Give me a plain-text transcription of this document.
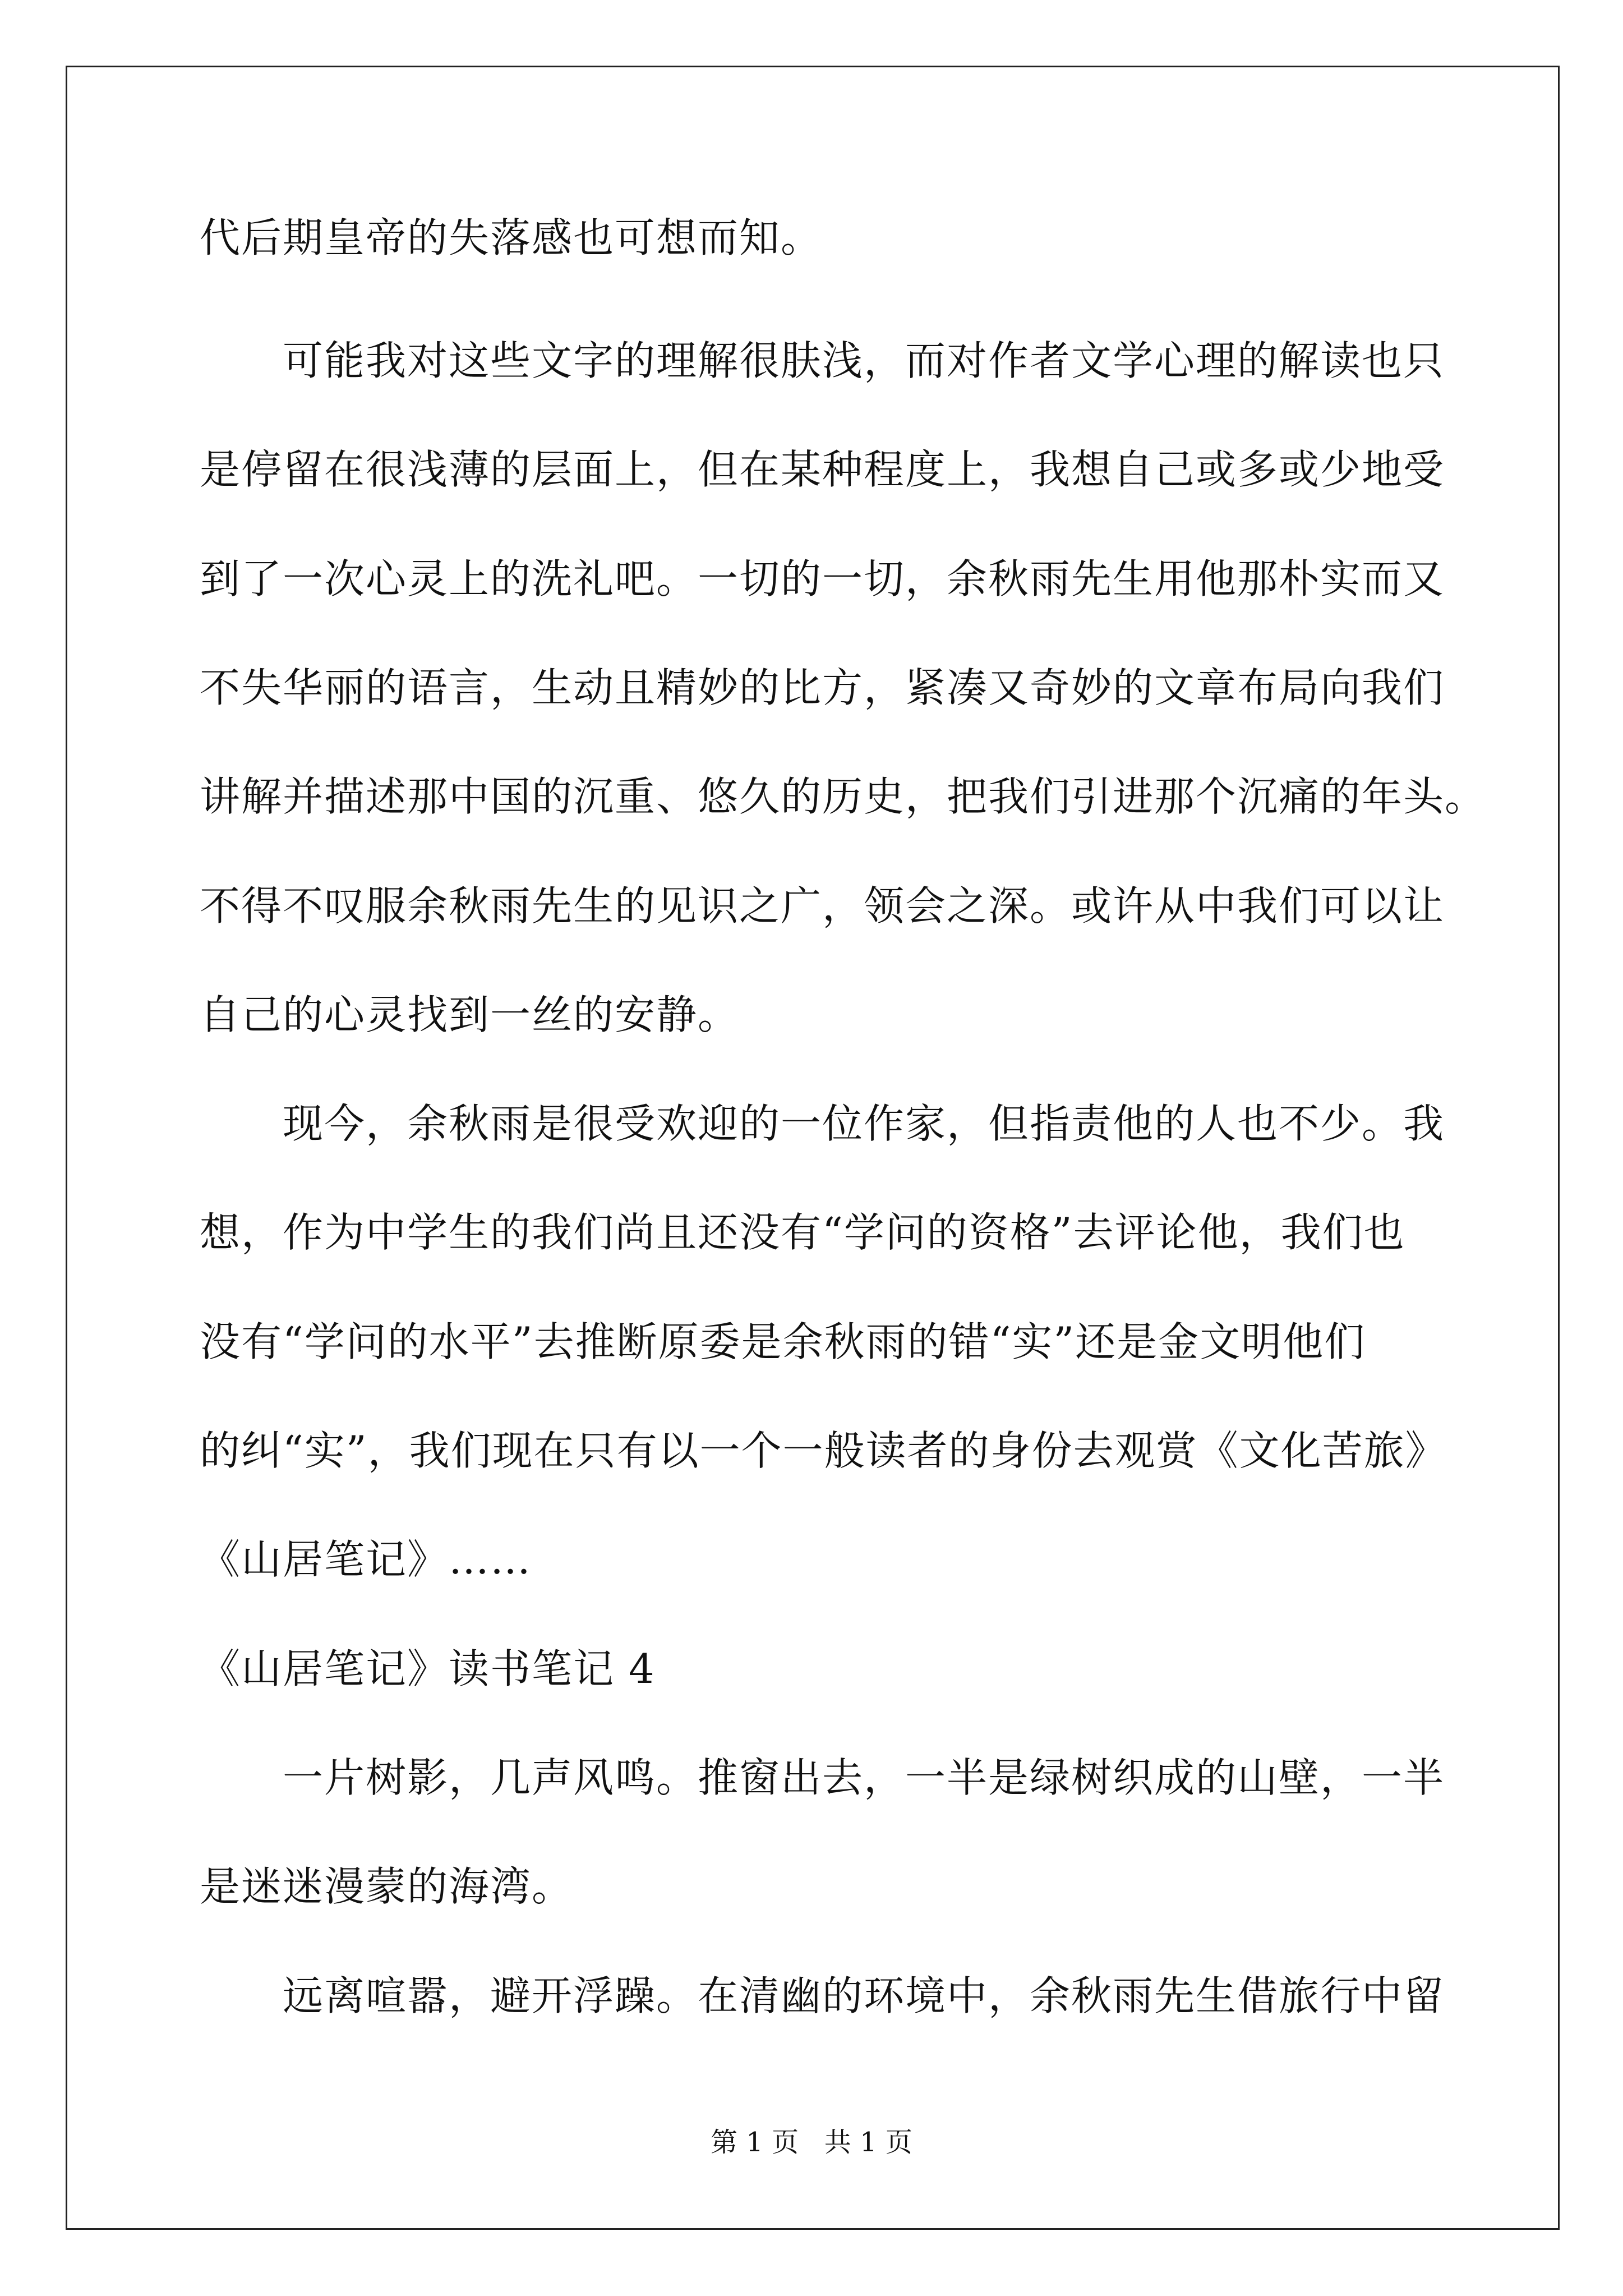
代后期皇帝的失落感也可想而知。
可能我对这些文字的理解很肤浅，而对作者文学心理的解读也只
是停留在很浅薄的层面上，但在某种程度上，我想自己或多或少地受
到了一次心灵上的洗礼吧。一切的一切，余秋雨先生用他那朴实而又
不失华丽的语言，生动且精妙的比方，紧凑又奇妙的文章布局向我们
讲解并描述那中国的沉重、悠久的历史，把我们引进那个沉痛的年头。
不得不叹服余秋雨先生的见识之广，领会之深。或许从中我们可以让
自己的心灵找到一丝的安静。
现今，余秋雨是很受欢迎的一位作家，但指责他的人也不少。我
想，作为中学生的我们尚且还没有“学问的资格”去评论他，我们也
没有“学问的水平”去推断原委是余秋雨的错“实”还是金文明他们
的纠“实”，我们现在只有以一个一般读者的身份去观赏《文化苦旅》
《山居笔记》……
《山居笔记》读书笔记 4
一片树影，几声风鸣。推窗出去，一半是绿树织成的山壁，一半
是迷迷漫蒙的海湾。
远离喧嚣，避开浮躁。在清幽的环境中，余秋雨先生借旅行中留
第 1 页   共 1 页
